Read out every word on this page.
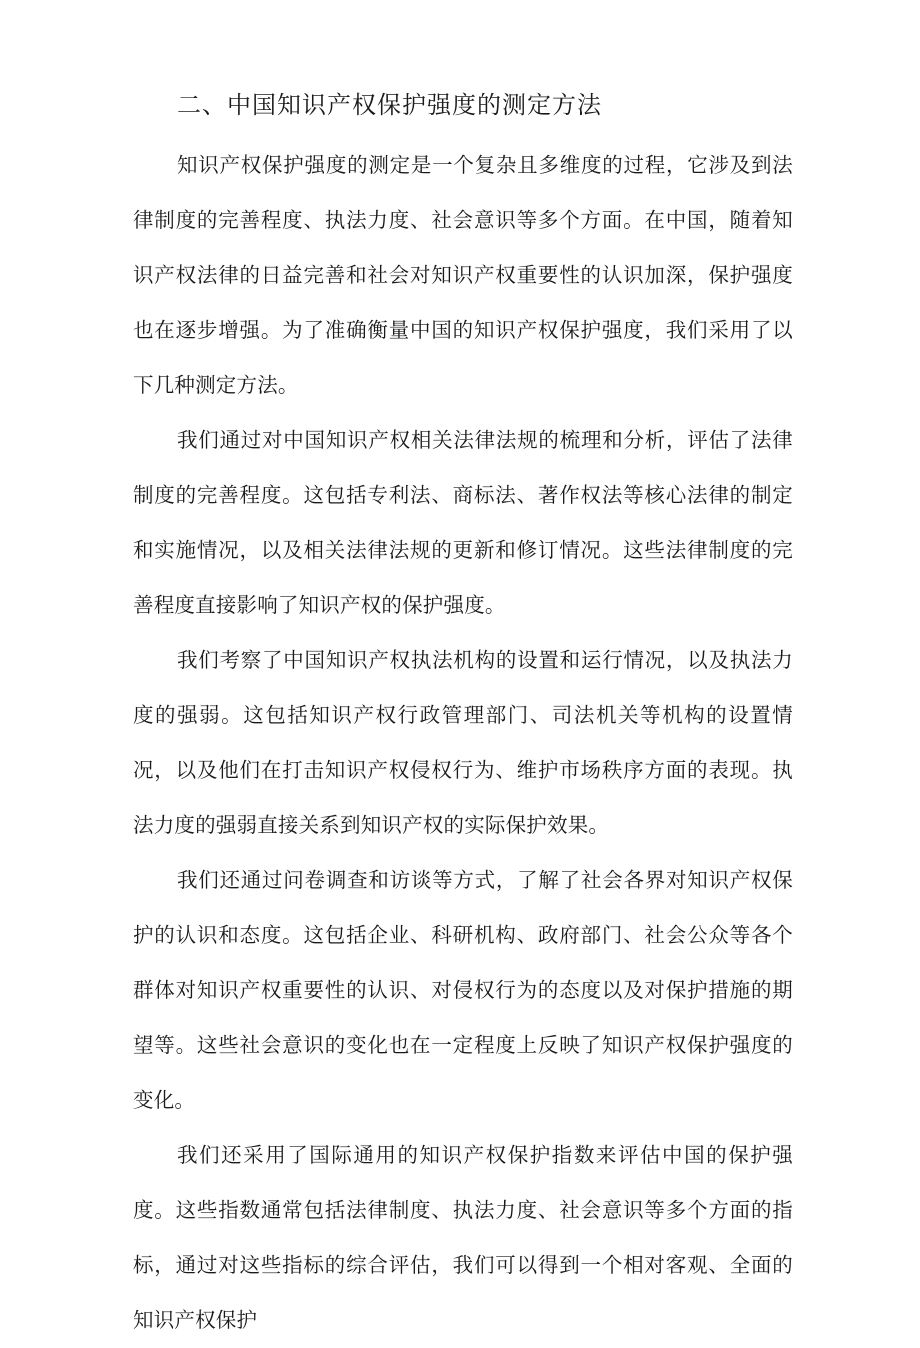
二、中国知识产权保护强度的测定方法

知识产权保护强度的测定是一个复杂且多维度的过程，它涉及到法律制度的完善程度、执法力度、社会意识等多个方面。在中国，随着知识产权法律的日益完善和社会对知识产权重要性的认识加深，保护强度也在逐步增强。为了准确衡量中国的知识产权保护强度，我们采用了以下几种测定方法。

我们通过对中国知识产权相关法律法规的梳理和分析，评估了法律制度的完善程度。这包括专利法、商标法、著作权法等核心法律的制定和实施情况，以及相关法律法规的更新和修订情况。这些法律制度的完善程度直接影响了知识产权的保护强度。

我们考察了中国知识产权执法机构的设置和运行情况，以及执法力度的强弱。这包括知识产权行政管理部门、司法机关等机构的设置情况，以及他们在打击知识产权侵权行为、维护市场秩序方面的表现。执法力度的强弱直接关系到知识产权的实际保护效果。

我们还通过问卷调查和访谈等方式，了解了社会各界对知识产权保护的认识和态度。这包括企业、科研机构、政府部门、社会公众等各个群体对知识产权重要性的认识、对侵权行为的态度以及对保护措施的期望等。这些社会意识的变化也在一定程度上反映了知识产权保护强度的变化。

我们还采用了国际通用的知识产权保护指数来评估中国的保护强度。这些指数通常包括法律制度、执法力度、社会意识等多个方面的指标，通过对这些指标的综合评估，我们可以得到一个相对客观、全面的知识产权保护
